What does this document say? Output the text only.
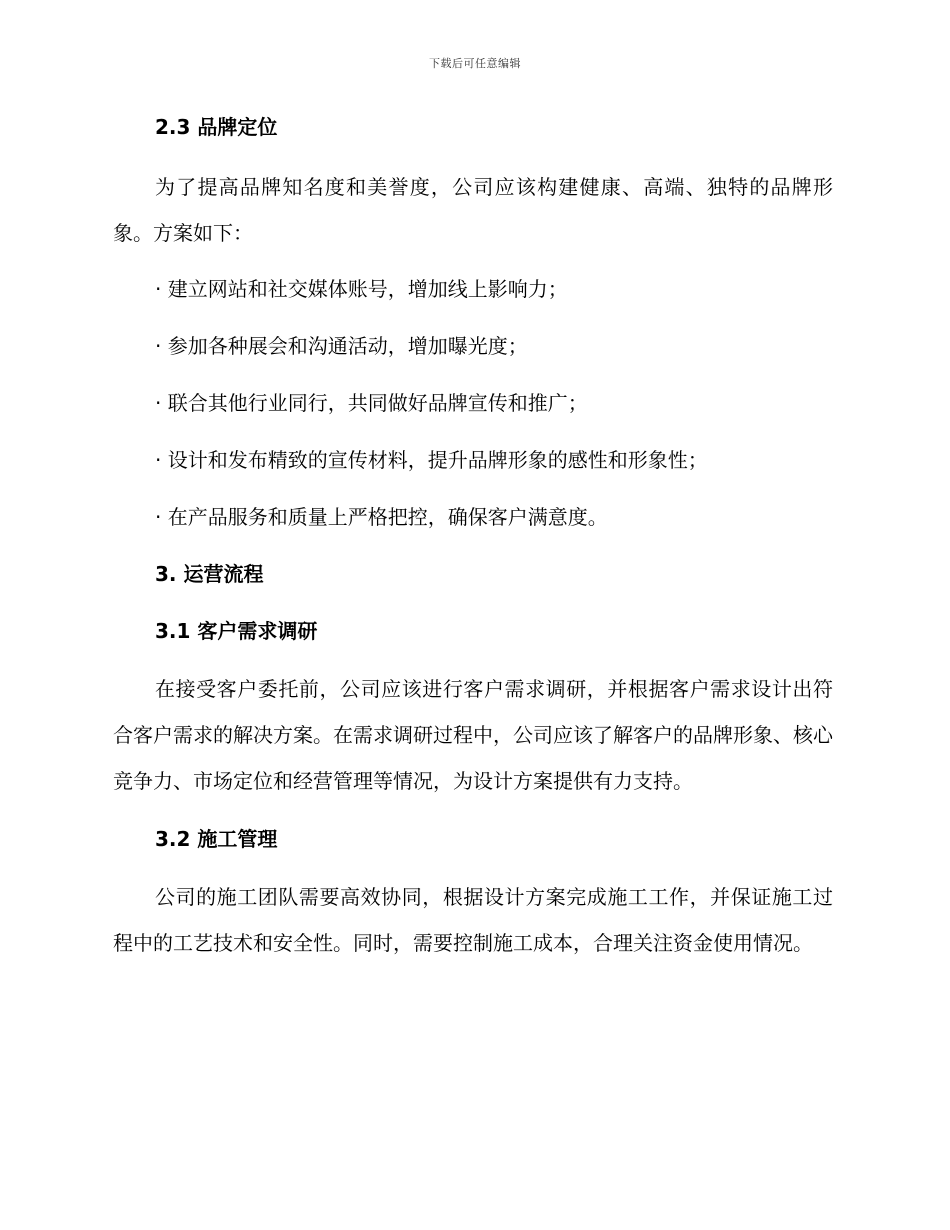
下载后可任意编辑
2.3 品牌定位

为了提高品牌知名度和美誉度，公司应该构建健康、高端、独特的品牌形象。方案如下：

· 建立网站和社交媒体账号，增加线上影响力；

· 参加各种展会和沟通活动，增加曝光度；

· 联合其他行业同行，共同做好品牌宣传和推广；

· 设计和发布精致的宣传材料，提升品牌形象的感性和形象性；

· 在产品服务和质量上严格把控，确保客户满意度。

3. 运营流程
3.1 客户需求调研

在接受客户委托前，公司应该进行客户需求调研，并根据客户需求设计出符合客户需求的解决方案。在需求调研过程中，公司应该了解客户的品牌形象、核心竞争力、市场定位和经营管理等情况，为设计方案提供有力支持。

3.2 施工管理

公司的施工团队需要高效协同，根据设计方案完成施工工作，并保证施工过程中的工艺技术和安全性。同时，需要控制施工成本，合理关注资金使用情况。
